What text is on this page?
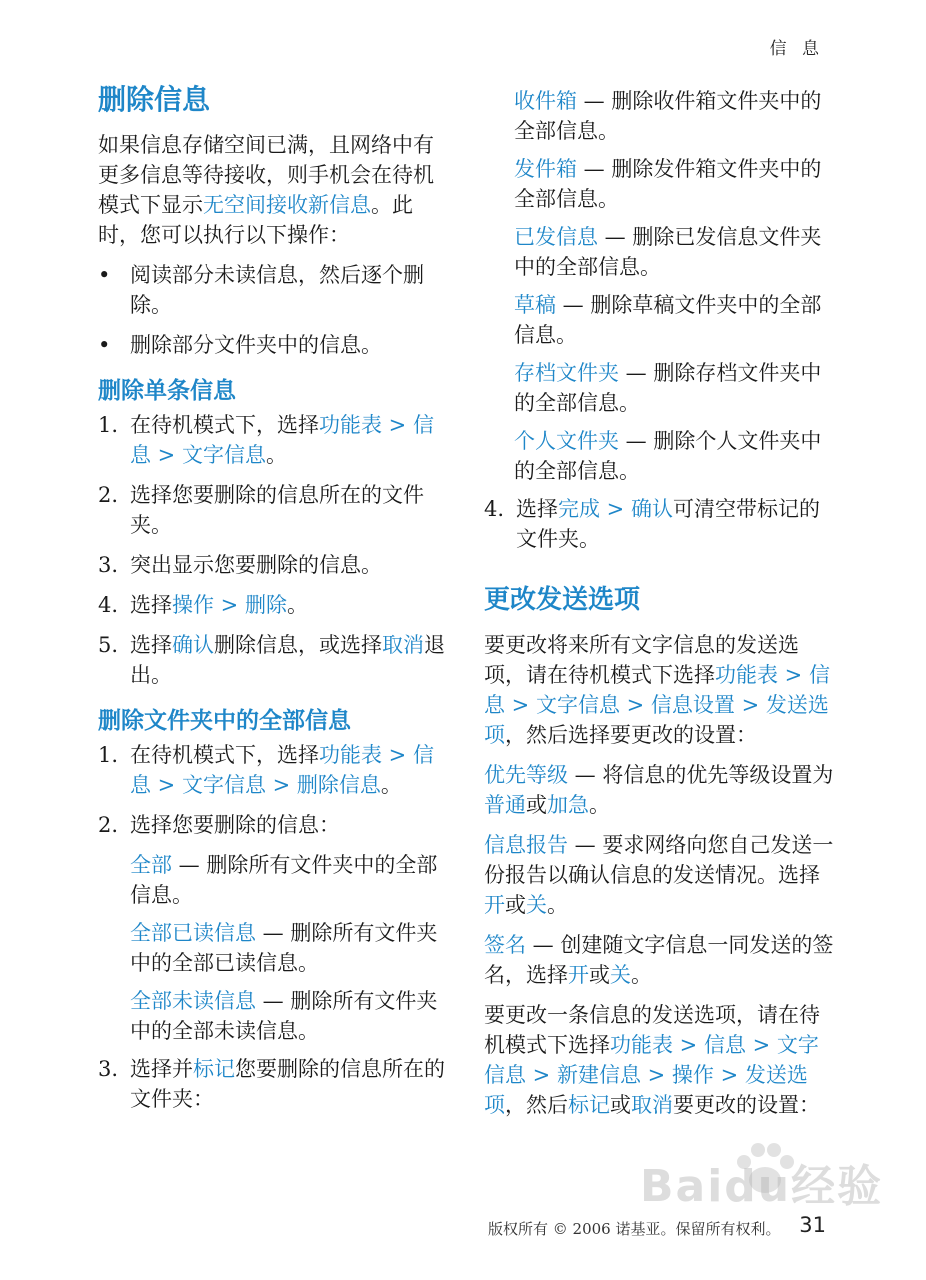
信 息
删除信息
如果信息存储空间已满，且网络中有更多信息等待接收，则手机会在待机模式下显示无空间接收新信息。此时，您可以执行以下操作：
• 阅读部分未读信息，然后逐个删除。
• 删除部分文件夹中的信息。
删除单条信息
1. 在待机模式下，选择功能表 > 信息 > 文字信息。
2. 选择您要删除的信息所在的文件夹。
3. 突出显示您要删除的信息。
4. 选择操作 > 删除。
5. 选择确认删除信息，或选择取消退出。
删除文件夹中的全部信息
1. 在待机模式下，选择功能表 > 信息 > 文字信息 > 删除信息。
2. 选择您要删除的信息：
全部 — 删除所有文件夹中的全部信息。
全部已读信息 — 删除所有文件夹中的全部已读信息。
全部未读信息 — 删除所有文件夹中的全部未读信息。
3. 选择并标记您要删除的信息所在的文件夹：
收件箱 — 删除收件箱文件夹中的全部信息。
发件箱 — 删除发件箱文件夹中的全部信息。
已发信息 — 删除已发信息文件夹中的全部信息。
草稿 — 删除草稿文件夹中的全部信息。
存档文件夹 — 删除存档文件夹中的全部信息。
个人文件夹 — 删除个人文件夹中的全部信息。
4. 选择完成 > 确认可清空带标记的文件夹。
更改发送选项
要更改将来所有文字信息的发送选项，请在待机模式下选择功能表 > 信息 > 文字信息 > 信息设置 > 发送选项，然后选择要更改的设置：
优先等级 — 将信息的优先等级设置为普通或加急。
信息报告 — 要求网络向您自己发送一份报告以确认信息的发送情况。选择开或关。
签名 — 创建随文字信息一同发送的签名，选择开或关。
要更改一条信息的发送选项，请在待机模式下选择功能表 > 信息 > 文字信息 > 新建信息 > 操作 > 发送选项，然后标记或取消要更改的设置：
Baidu经验
版权所有 © 2006 诺基亚。保留所有权利。 31
